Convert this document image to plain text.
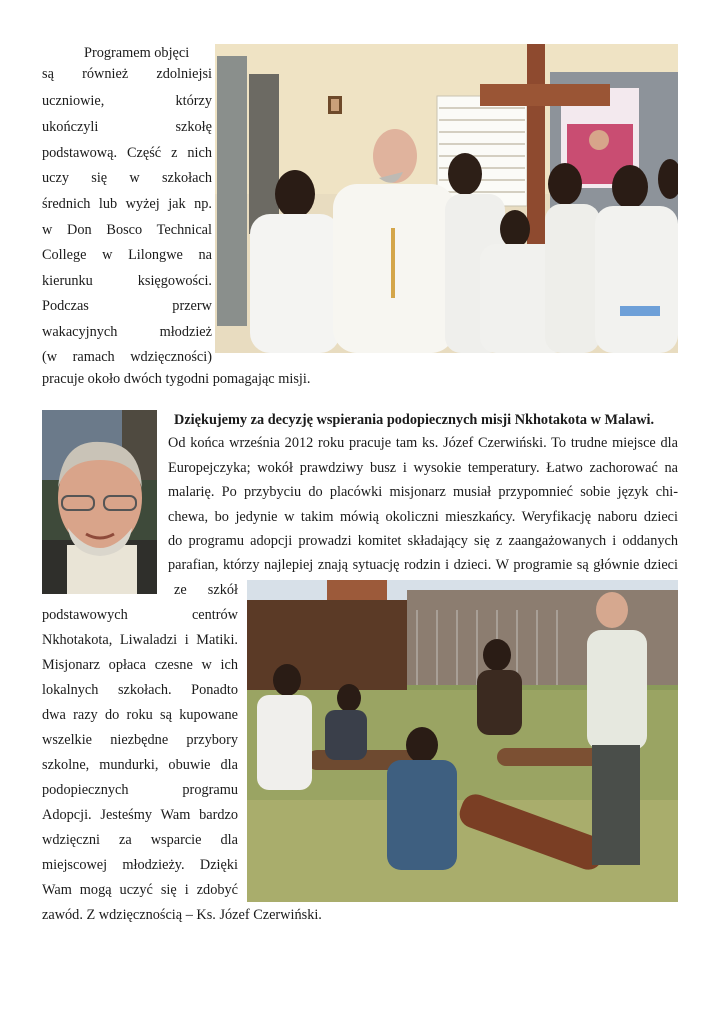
Programem objęci

są również zdolniejsi

uczniowie, którzy

ukończyli szkołę

podstawową. Część z nich

uczy się w szkołach

średnich lub wyżej jak np.

w Don Bosco Technical

College w Lilongwe na

kierunku księgowości.

Podczas przerw

wakacyjnych młodzież

(w ramach wdzięczności)

pracuje około dwóch tygodni pomagając misji.

Dziękujemy za decyzję wspierania podopiecznych misji Nkhotakota w Malawi.

Od końca września 2012 roku pracuje tam ks. Józef Czerwiński. To trudne miejsce dla

Europejczyka; wokół prawdziwy busz i wysokie temperatury. Łatwo zachorować na

malarię. Po przybyciu do placówki misjonarz musiał przypomnieć sobie język chi-

chewa, bo jedynie w takim mówią okoliczni mieszkańcy. Weryfikację naboru dzieci

do programu adopcji prowadzi komitet składający się z zaangażowanych i oddanych

parafian, którzy najlepiej znają sytuację rodzin i dzieci. W programie są głównie dzieci

ze szkół

podstawowych centrów

Nkhotakota, Liwaladzi i Matiki.

Misjonarz opłaca czesne w ich

lokalnych szkołach. Ponadto

dwa razy do roku są kupowane

wszelkie niezbędne przybory

szkolne, mundurki, obuwie dla

podopiecznych programu

Adopcji. Jesteśmy Wam bardzo

wdzięczni za wsparcie dla

miejscowej młodzieży. Dzięki

Wam mogą uczyć się i zdobyć

zawód. Z wdzięcznością – Ks. Józef Czerwiński.
